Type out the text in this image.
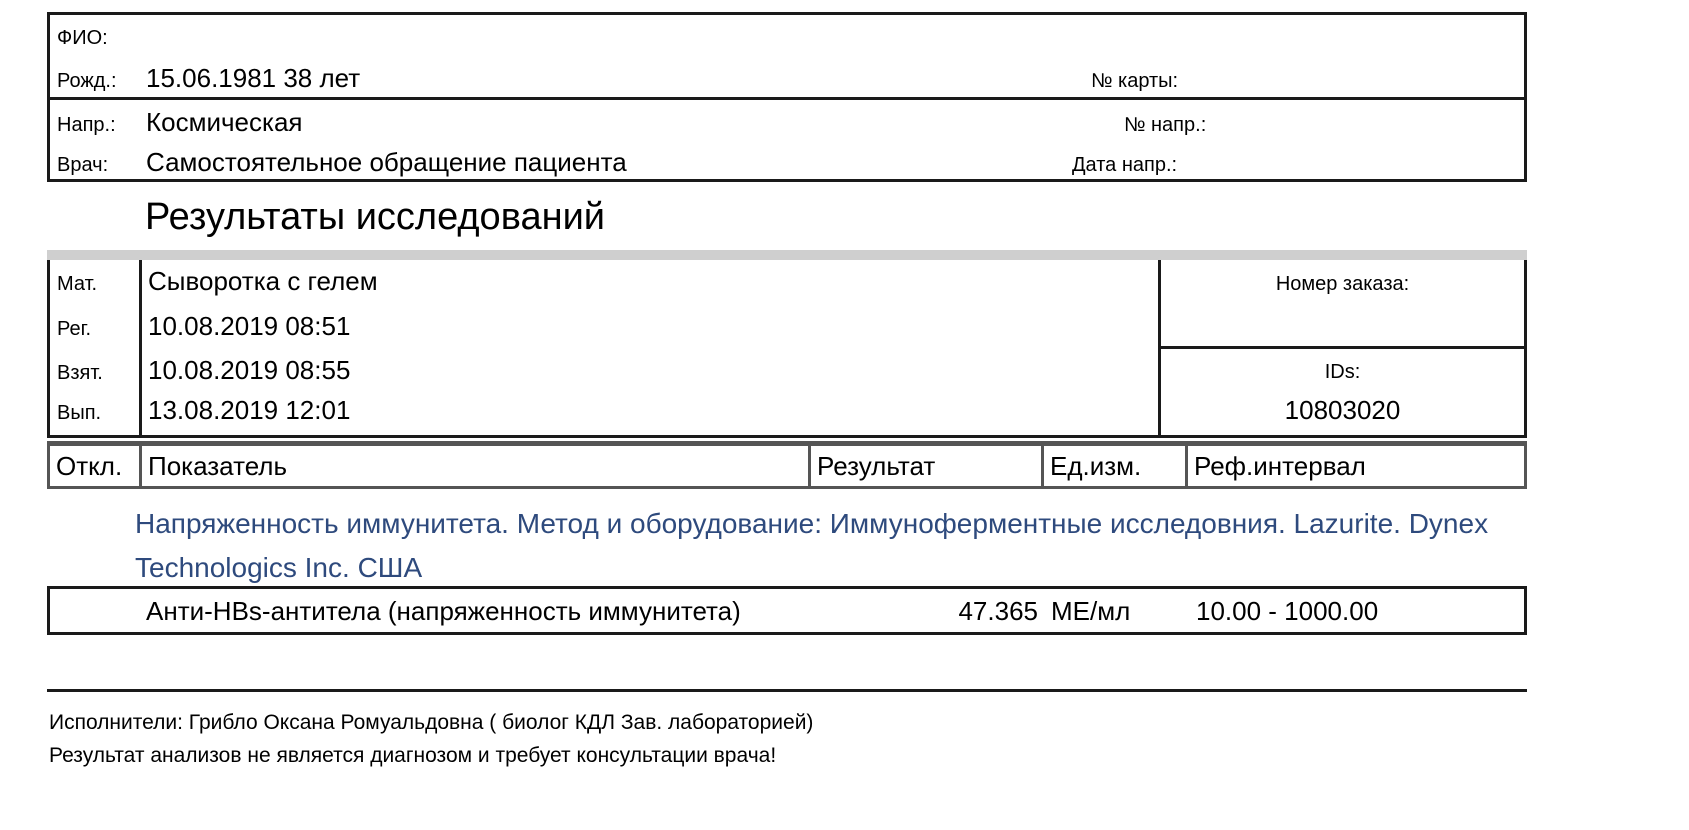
ФИО:
Рожд.: 15.06.1981 38 лет	№ карты:
Напр.: Космическая	№ напр.:
Врач: Самостоятельное обращение пациента	Дата напр.:
Результаты исследований
Мат. Сыворотка с гелем
Рег. 10.08.2019 08:51
Взят. 10.08.2019 08:55
Вып. 13.08.2019 12:01
Номер заказа:
IDs:
10803020
Откл. Показатель	Результат	Ед.изм.	Реф.интервал
Напряженность иммунитета. Метод и оборудование: Иммуноферментные исследовния. Lazurite. Dynex
Technologics Inc. США
Анти-HBs-антитела (напряженность иммунитета)	47.365 МЕ/мл	10.00 - 1000.00
Исполнители: Грибло Оксана Ромуальдовна ( биолог КДЛ Зав. лабораторией)
Результат анализов не является диагнозом и требует консультации врача!
